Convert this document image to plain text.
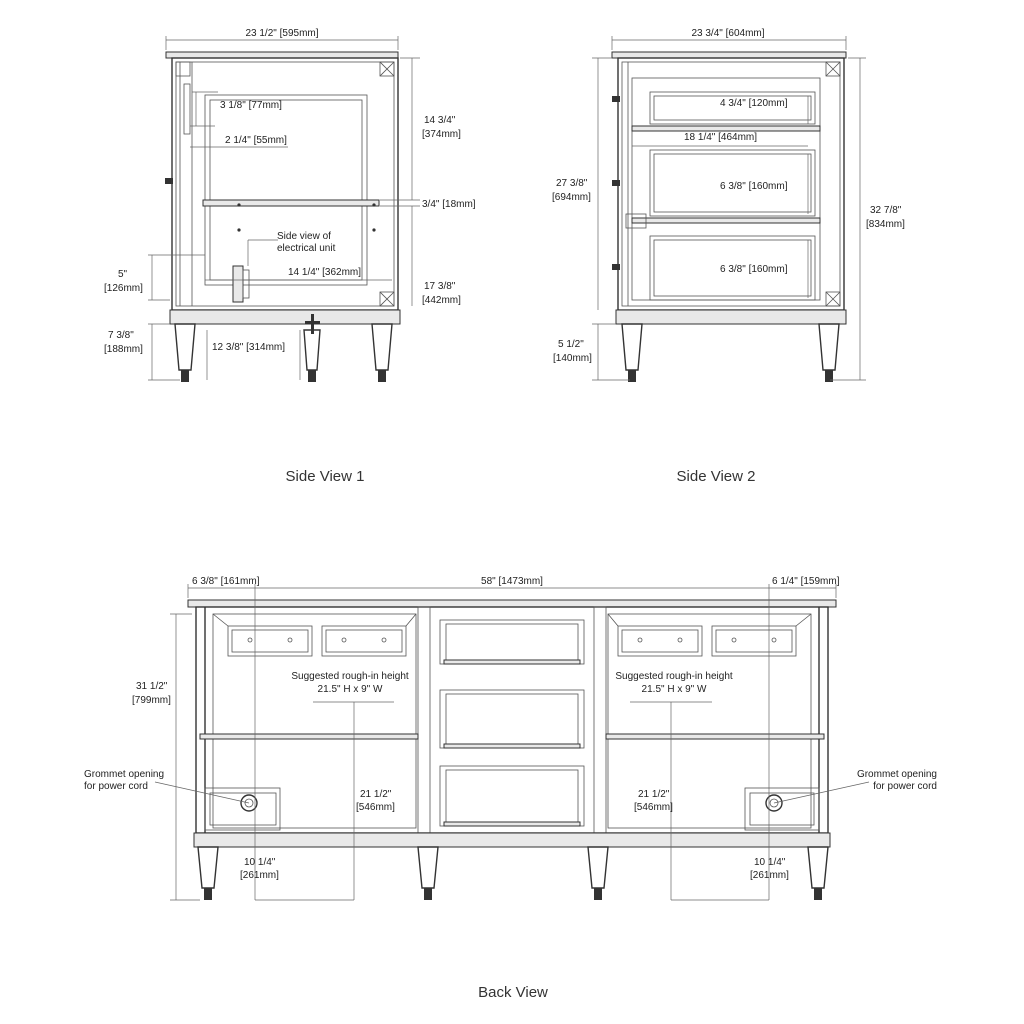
23 1/2" [595mm]
3 1/8" [77mm]
2 1/4" [55mm]
14 3/4"
[374mm]
3/4" [18mm]
Side view of
electrical unit
14 1/4" [362mm]
5"
[126mm]	17 3/8"
[442mm]
7 3/8"
[188mm]	12 3/8" [314mm]
Side View 1
23 3/4" [604mm]
4 3/4" [120mm]
18 1/4" [464mm]
6 3/8" [160mm]
6 3/8" [160mm]
27 3/8"
[694mm]
32 7/8"
[834mm]
5 1/2"
[140mm]
Side View 2
6 3/8" [161mm]	58" [1473mm]	6 1/4" [159mm]
31 1/2"
[799mm]
Suggested rough-in height
21.5" H x 9" W
Suggested rough-in height
21.5" H x 9" W
Grommet opening
for power cord
Grommet opening
for power cord
21 1/2"
[546mm]
21 1/2"
[546mm]
10 1/4"
[261mm]
10 1/4"
[261mm]
Back View
